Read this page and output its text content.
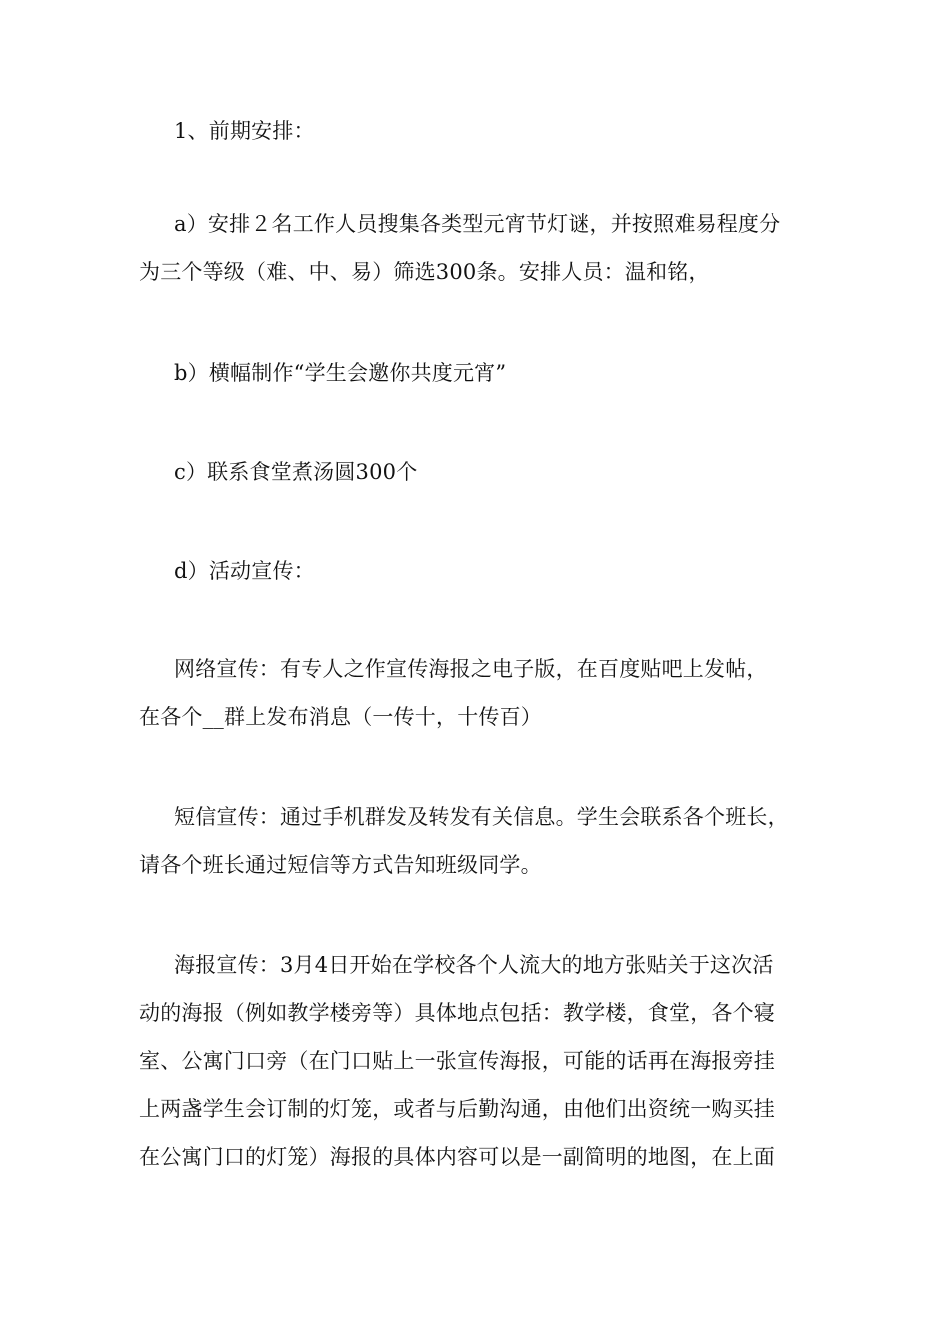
1、前期安排：

a）安排２名工作人员搜集各类型元宵节灯谜，并按照难易程度分
为三个等级（难、中、易）筛选300条。安排人员：温和铭，

b）横幅制作“学生会邀你共度元宵”

c）联系食堂煮汤圆300个

d）活动宣传：

网络宣传：有专人之作宣传海报之电子版，在百度贴吧上发帖，
在各个__群上发布消息（一传十，十传百）

短信宣传：通过手机群发及转发有关信息。学生会联系各个班长，
请各个班长通过短信等方式告知班级同学。

海报宣传：3月4日开始在学校各个人流大的地方张贴关于这次活
动的海报（例如教学楼旁等）具体地点包括：教学楼，食堂，各个寝
室、公寓门口旁（在门口贴上一张宣传海报，可能的话再在海报旁挂
上两盏学生会订制的灯笼，或者与后勤沟通，由他们出资统一购买挂
在公寓门口的灯笼）海报的具体内容可以是一副简明的地图，在上面
